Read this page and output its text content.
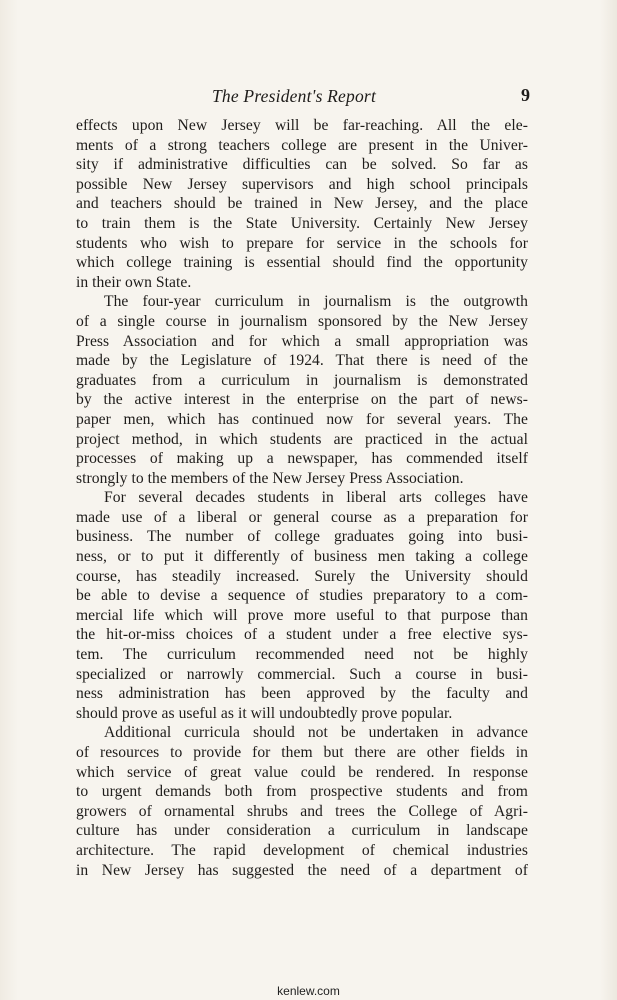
The President's Report	9

effects upon New Jersey will be far-reaching. All the ele-
ments of a strong teachers college are present in the Univer-
sity if administrative difficulties can be solved. So far as
possible New Jersey supervisors and high school principals
and teachers should be trained in New Jersey, and the place
to train them is the State University. Certainly New Jersey
students who wish to prepare for service in the schools for
which college training is essential should find the opportunity
in their own State.

The four-year curriculum in journalism is the outgrowth
of a single course in journalism sponsored by the New Jersey
Press Association and for which a small appropriation was
made by the Legislature of 1924. That there is need of the
graduates from a curriculum in journalism is demonstrated
by the active interest in the enterprise on the part of news-
paper men, which has continued now for several years. The
project method, in which students are practiced in the actual
processes of making up a newspaper, has commended itself
strongly to the members of the New Jersey Press Association.

For several decades students in liberal arts colleges have
made use of a liberal or general course as a preparation for
business. The number of college graduates going into busi-
ness, or to put it differently of business men taking a college
course, has steadily increased. Surely the University should
be able to devise a sequence of studies preparatory to a com-
mercial life which will prove more useful to that purpose than
the hit-or-miss choices of a student under a free elective sys-
tem. The curriculum recommended need not be highly
specialized or narrowly commercial. Such a course in busi-
ness administration has been approved by the faculty and
should prove as useful as it will undoubtedly prove popular.

Additional curricula should not be undertaken in advance
of resources to provide for them but there are other fields in
which service of great value could be rendered. In response
to urgent demands both from prospective students and from
growers of ornamental shrubs and trees the College of Agri-
culture has under consideration a curriculum in landscape
architecture. The rapid development of chemical industries
in New Jersey has suggested the need of a department of

kenlew.com
